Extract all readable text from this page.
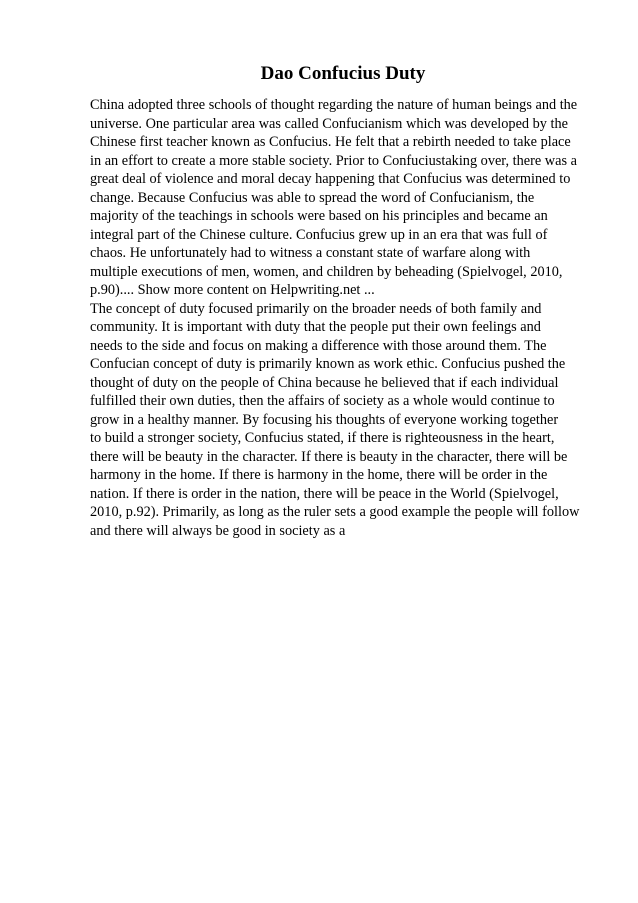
Dao Confucius Duty
China adopted three schools of thought regarding the nature of human beings and the
universe. One particular area was called Confucianism which was developed by the
Chinese first teacher known as Confucius. He felt that a rebirth needed to take place
in an effort to create a more stable society. Prior to Confuciustaking over, there was a
great deal of violence and moral decay happening that Confucius was determined to
change. Because Confucius was able to spread the word of Confucianism, the
majority of the teachings in schools were based on his principles and became an
integral part of the Chinese culture. Confucius grew up in an era that was full of
chaos. He unfortunately had to witness a constant state of warfare along with
multiple executions of men, women, and children by beheading (Spielvogel, 2010,
p.90).... Show more content on Helpwriting.net ...
The concept of duty focused primarily on the broader needs of both family and
community. It is important with duty that the people put their own feelings and
needs to the side and focus on making a difference with those around them. The
Confucian concept of duty is primarily known as work ethic. Confucius pushed the
thought of duty on the people of China because he believed that if each individual
fulfilled their own duties, then the affairs of society as a whole would continue to
grow in a healthy manner. By focusing his thoughts of everyone working together
to build a stronger society, Confucius stated, if there is righteousness in the heart,
there will be beauty in the character. If there is beauty in the character, there will be
harmony in the home. If there is harmony in the home, there will be order in the
nation. If there is order in the nation, there will be peace in the World (Spielvogel,
2010, p.92). Primarily, as long as the ruler sets a good example the people will follow
and there will always be good in society as a
